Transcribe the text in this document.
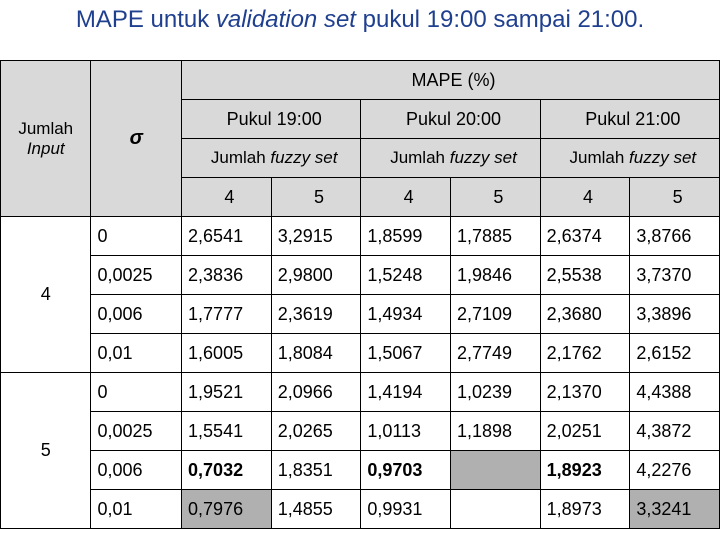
MAPE untuk validation set pukul 19:00 sampai 21:00.
		MAPE (%)					
Jumlah
Input	σ	Pukul 19:00		Pukul 20:00		Pukul 21:00	
		Jumlah fuzzy set		Jumlah fuzzy set		Jumlah fuzzy set	
		4	5	4	5	4	5
4	0	2,6541	3,2915	1,8599	1,7885	2,6374	3,8766
	0,0025	2,3836	2,9800	1,5248	1,9846	2,5538	3,7370
	0,006	1,7777	2,3619	1,4934	2,7109	2,3680	3,3896
	0,01	1,6005	1,8084	1,5067	2,7749	2,1762	2,6152
5	0	1,9521	2,0966	1,4194	1,0239	2,1370	4,4388
	0,0025	1,5541	2,0265	1,0113	1,1898	2,0251	4,3872
	0,006	0,7032	1,8351	0,9703		1,8923	4,2276
	0,01	0,7976	1,4855	0,9931		1,8973	3,3241
